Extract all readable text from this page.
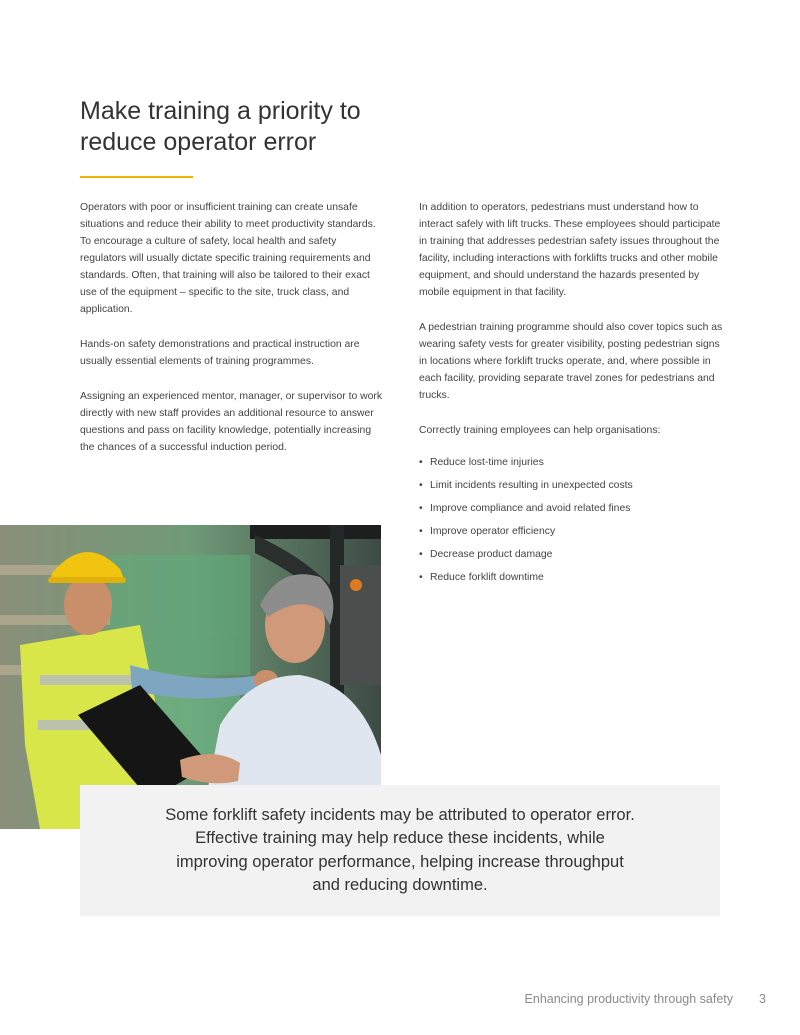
Make training a priority to reduce operator error

Operators with poor or insufficient training can create unsafe situations and reduce their ability to meet productivity standards. To encourage a culture of safety, local health and safety regulators will usually dictate specific training requirements and standards. Often, that training will also be tailored to their exact use of the equipment – specific to the site, truck class, and application.

Hands-on safety demonstrations and practical instruction are usually essential elements of training programmes.

Assigning an experienced mentor, manager, or supervisor to work directly with new staff provides an additional resource to answer questions and pass on facility knowledge, potentially increasing the chances of a successful induction period.

In addition to operators, pedestrians must understand how to interact safely with lift trucks. These employees should participate in training that addresses pedestrian safety issues throughout the facility, including interactions with forklifts trucks and other mobile equipment, and should understand the hazards presented by mobile equipment in that facility.

A pedestrian training programme should also cover topics such as wearing safety vests for greater visibility, posting pedestrian signs in locations where forklift trucks operate, and, where possible in each facility, providing separate travel zones for pedestrians and trucks.

Correctly training employees can help organisations:

• Reduce lost-time injuries
• Limit incidents resulting in unexpected costs
• Improve compliance and avoid related fines
• Improve operator efficiency
• Decrease product damage
• Reduce forklift downtime

Some forklift safety incidents may be attributed to operator error. Effective training may help reduce these incidents, while improving operator performance, helping increase throughput and reducing downtime.

Enhancing productivity through safety 3
